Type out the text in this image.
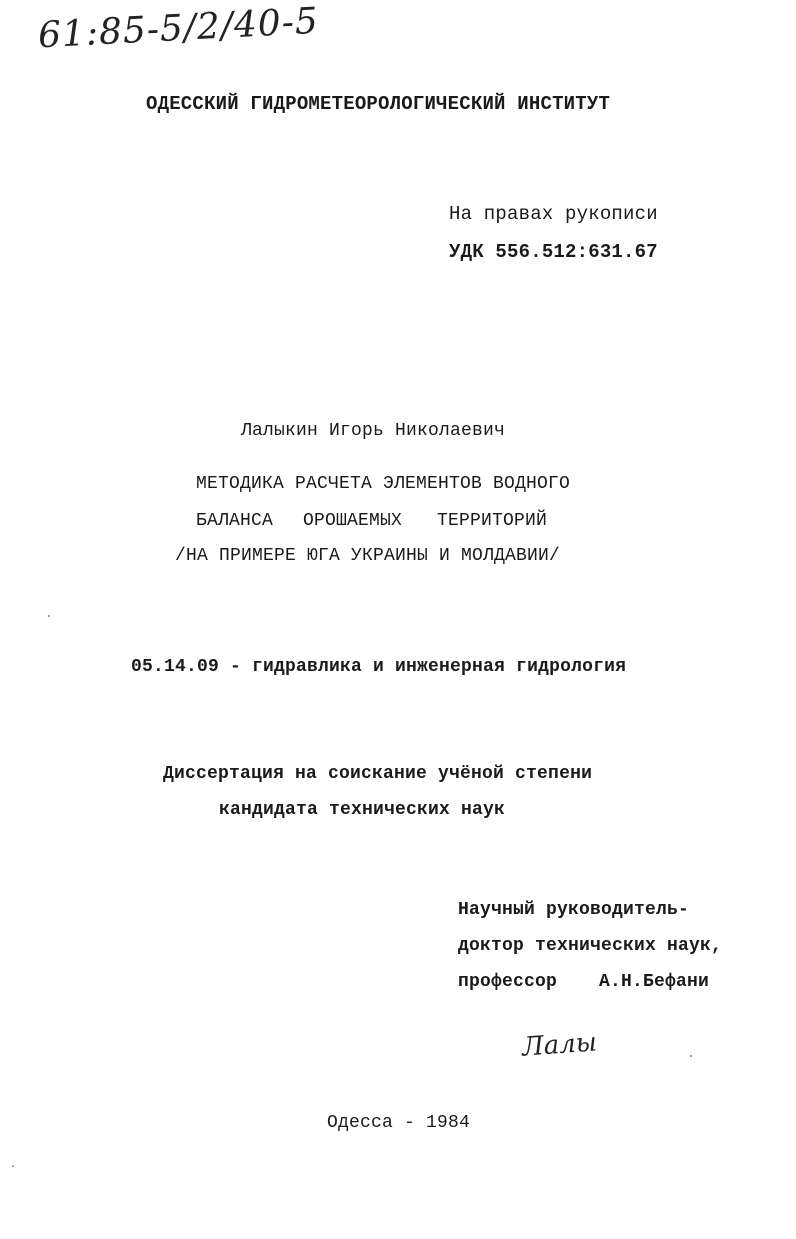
61:85-5/2/40-5
ОДЕССКИЙ ГИДРОМЕТЕОРОЛОГИЧЕСКИЙ ИНСТИТУТ
На правах рукописи
УДК 556.512:631.67
Лалыкин Игорь Николаевич
МЕТОДИКА РАСЧЕТА ЭЛЕМЕНТОВ ВОДНОГО
БАЛАНСА ОРОШАЕМЫХ ТЕРРИТОРИЙ
/НА ПРИМЕРЕ ЮГА УКРАИНЫ И МОЛДАВИИ/
05.14.09 - гидравлика и инженерная гидрология
Диссертация на соискание учёной степени
кандидата технических наук
Научный руководитель-
доктор технических наук,
профессор А.Н.Бефани
Лалы
Одесса - 1984
